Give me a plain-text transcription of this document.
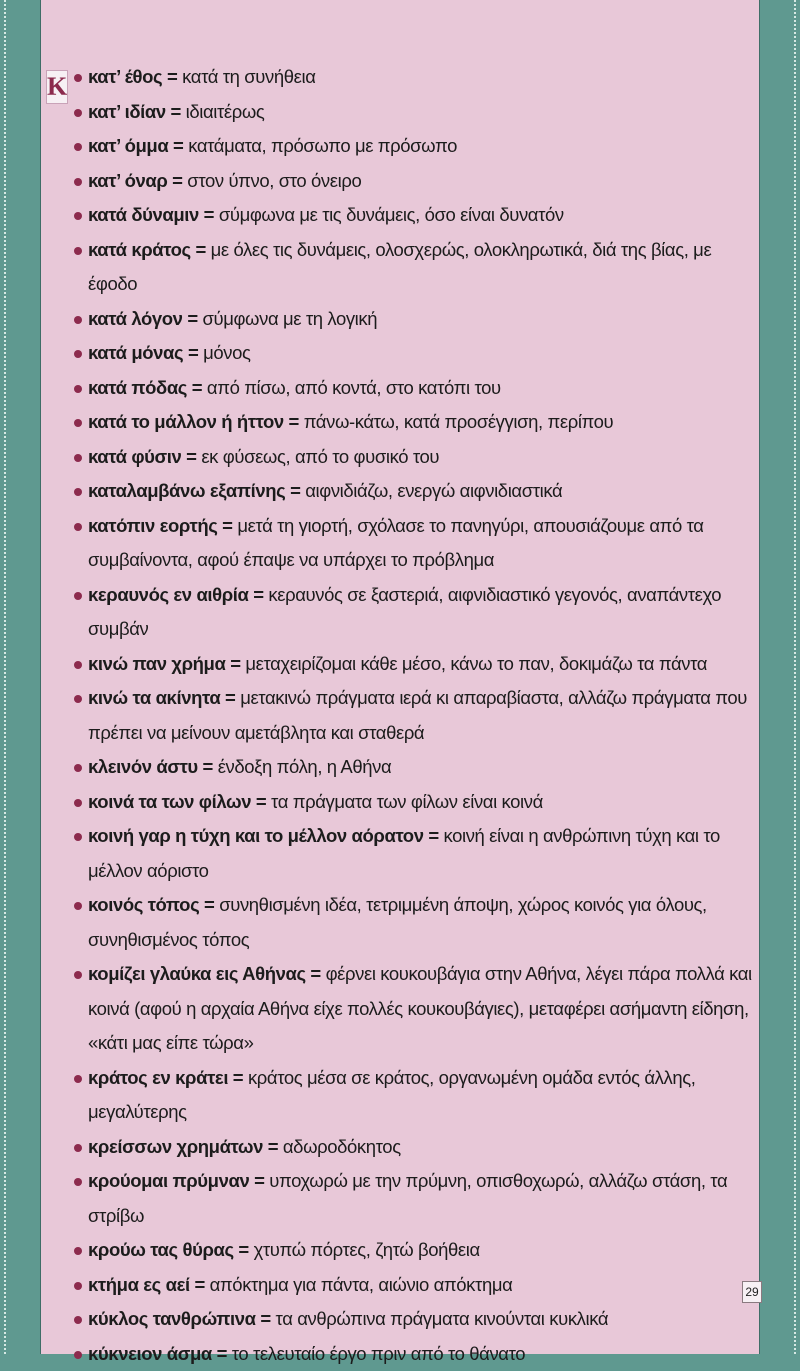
Κ	κατ’ έθος = κατά τη συνήθεια
κατ’ ιδίαν = ιδιαιτέρως
κατ’ όμμα = κατάματα, πρόσωπο με πρόσωπο
κατ’ όναρ = στον ύπνο, στο όνειρο
κατά δύναμιν = σύμφωνα με τις δυνάμεις, όσο είναι δυνατόν
κατά κράτος = με όλες τις δυνάμεις, ολοσχερώς, ολοκληρωτικά, διά της βίας, με έφοδο
κατά λόγον = σύμφωνα με τη λογική
κατά μόνας = μόνος
κατά πόδας = από πίσω, από κοντά, στο κατόπι του
κατά το μάλλον ή ήττον = πάνω-κάτω, κατά προσέγγιση, περίπου
κατά φύσιν = εκ φύσεως, από το φυσικό του
καταλαμβάνω εξαπίνης = αιφνιδιάζω, ενεργώ αιφνιδιαστικά
κατόπιν εορτής = μετά τη γιορτή, σχόλασε το πανηγύρι, απουσιάζουμε από τα συμβαίνοντα, αφού έπαψε να υπάρχει το πρόβλημα
κεραυνός εν αιθρία = κεραυνός σε ξαστεριά, αιφνιδιαστικό γεγονός, αναπάντεχο συμβάν
κινώ παν χρήμα = μεταχειρίζομαι κάθε μέσο, κάνω το παν, δοκιμάζω τα πάντα
κινώ τα ακίνητα = μετακινώ πράγματα ιερά κι απαραβίαστα, αλλάζω πράγματα που πρέπει να μείνουν αμετάβλητα και σταθερά
κλεινόν άστυ = ένδοξη πόλη, η Αθήνα
κοινά τα των φίλων = τα πράγματα των φίλων είναι κοινά
κοινή γαρ η τύχη και το μέλλον αόρατον = κοινή είναι η ανθρώπινη τύχη και το μέλλον αόριστο
κοινός τόπος = συνηθισμένη ιδέα, τετριμμένη άποψη, χώρος κοινός για όλους, συνηθισμένος τόπος
κομίζει γλαύκα εις Αθήνας = φέρνει κουκουβάγια στην Αθήνα, λέγει πάρα πολλά και κοινά (αφού η αρχαία Αθήνα είχε πολλές κουκουβάγιες), μεταφέρει ασήμαντη είδηση, «κάτι μας είπε τώρα»
κράτος εν κράτει = κράτος μέσα σε κράτος, οργανωμένη ομάδα εντός άλλης, μεγαλύτερης
κρείσσων χρημάτων = αδωροδόκητος
κρούομαι πρύμναν = υποχωρώ με την πρύμνη, οπισθοχωρώ, αλλάζω στάση, τα στρίβω
κρούω τας θύρας = χτυπώ πόρτες, ζητώ βοήθεια
κτήμα ες αεί = απόκτημα για πάντα, αιώνιο απόκτημα
κύκλος τανθρώπινα = τα ανθρώπινα πράγματα κινούνται κυκλικά
κύκνειον άσμα = το τελευταίο έργο πριν από το θάνατο
29
